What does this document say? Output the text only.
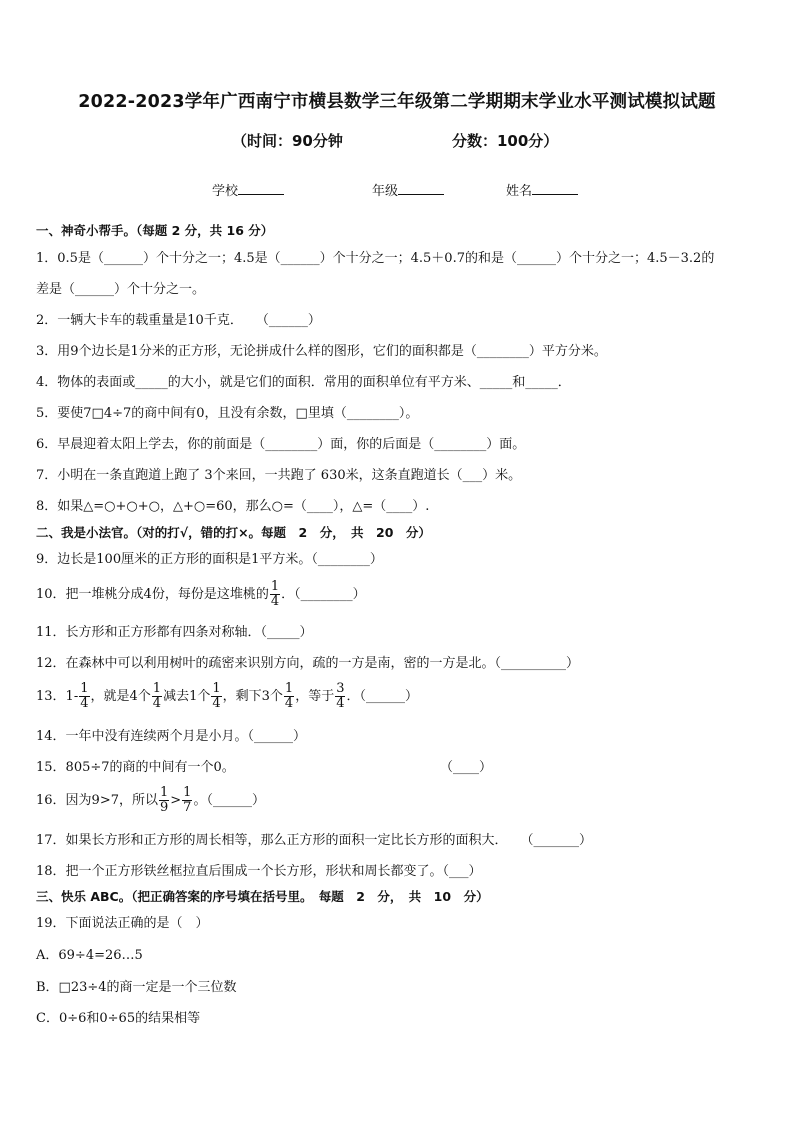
2022-2023学年广西南宁市横县数学三年级第二学期期末学业水平测试模拟试题
（时间：90分钟	分数：100分）
学校	年级	姓名
一、神奇小帮手。（每题 2 分，共 16 分）
1．0.5是（______）个十分之一；4.5是（______）个十分之一；4.5＋0.7的和是（______）个十分之一；4.5－3.2的
差是（______）个十分之一。
2．一辆大卡车的载重量是10千克．　　（______）
3．用9个边长是1分米的正方形，无论拼成什么样的图形，它们的面积都是（________）平方分米。
4．物体的表面或_____的大小，就是它们的面积．常用的面积单位有平方米、_____和_____．
5．要使7□4÷7的商中间有0，且没有余数，□里填（________）。
6．早晨迎着太阳上学去，你的前面是（________）面，你的后面是（________）面。
7．小明在一条直跑道上跑了 3个来回，一共跑了 630米，这条直跑道长（___）米。
8．如果△=○+○+○，△+○=60，那么○=（____），△=（____）.
二、我是小法官。（对的打√，错的打×。每题　2　分，　共　20　分）
9．边长是100厘米的正方形的面积是1平方米。（________）
10．把一堆桃分成4份，每份是这堆桃的 $\frac{1}{4}$ ．（________）
11．长方形和正方形都有四条对称轴．（_____）
12．在森林中可以利用树叶的疏密来识别方向，疏的一方是南，密的一方是北。（__________）
13．$1- \frac{1}{4}$ ，就是4个 $\frac{1}{4}$ 减去1个 $\frac{1}{4}$ ，剩下3个 $\frac{1}{4}$ ，等于 $\frac{3}{4}$ ．（______）
14．一年中没有连续两个月是小月。（______）
15．805÷7的商的中间有一个0。	（____）
16．因为9>7，所以 $\frac{1}{9} > \frac{1}{7}$ 。（______）
17．如果长方形和正方形的周长相等，那么正方形的面积一定比长方形的面积大．　　（_______）
18．把一个正方形铁丝框拉直后围成一个长方形，形状和周长都变了。（___）
三、快乐 ABC。（把正确答案的序号填在括号里。　每题　2　分，　共　10　分）
19．下面说法正确的是（　）
A．69÷4=26…5
B．□23÷4的商一定是一个三位数
C．0÷6和0÷65的结果相等
